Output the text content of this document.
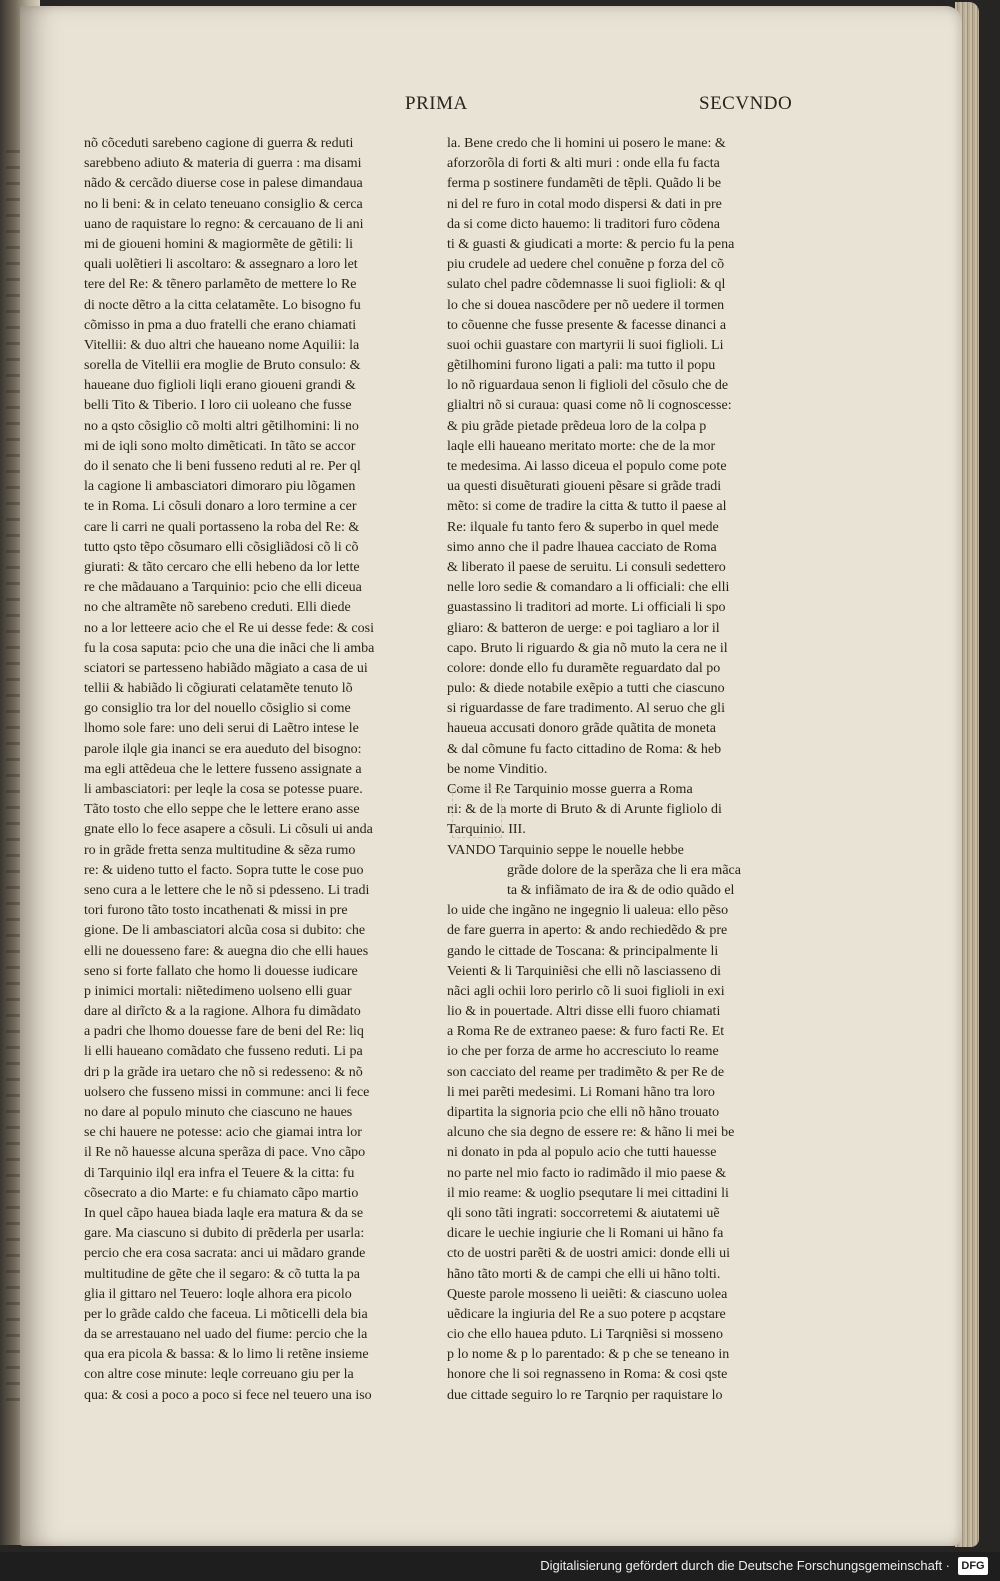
PRIMA	SECVNDO
nõ cõceduti sarebeno cagione di guerra & reduti
sarebbeno adiuto & materia di guerra : ma disami
nãdo & cercãdo diuerse cose in palese dimandaua
no li beni: & in celato teneuano consiglio & cerca
uano de raquistare lo regno: & cercauano de li ani
mi de giouenі homini & magiormẽte de gẽtili: li
quali uolẽtieri li ascoltaro: & assegnaro a loro let
tere del Re: & tẽnero parlamẽto de mettere lo Re
di nocte dẽtro a la citta celatamẽte. Lo bisogno fu
cõmisso in pma a duo fratelli che erano chiamati
Vitellii: & duo altri che haueano nome Aquilii: la
sorella de Vitellii era moglie de Bruto consulo: &
haueane duo figlioli liqli erano giouenі grandi &
belli Tito & Tiberio. I loro cii uoleano che fusse
no a qsto cõsiglio cõ molti altri gẽtilhomini: li no
mi de iqli sono molto dimẽticati. In tãto se accor
do il senato che li beni fusseno reduti al re. Per ql
la cagione li ambasciatori dimoraro piu lõgamen
te in Roma. Li cõsuli donaro a loro termine a cer
care li carri ne quali portasseno la roba del Re: &
tutto qsto tẽpo cõsumaro elli cõsigliãdosi cõ li cõ
giurati: & tãto cercaro che elli hebeno da lor lette
re che mãdauano a Tarquinio: pcio che elli diceua
no che altramẽte nõ sarebeno creduti. Elli diede
no a lor letteere acio che el Re ui desse fede: & cosi
fu la cosa saputa: pcio che una die inãci che li amba
sciatori se partesseno habiãdo mãgiato a casa de ui
tellii & habiãdo li cõgiurati celatamẽte tenuto lõ
go consiglio tra lor del nouello cõsiglio si come
lhomo sole fare: uno deli serui di Laẽtro intese le
parole ilqle gia inanci se era aueduto del bisogno:
ma egli attẽdeua che le lettere fusseno assignate a
li ambasciatori: per leqle la cosa se potesse puare.
Tãto tosto che ello seppe che le lettere erano asse
gnate ello lo fece asapere a cõsuli. Li cõsuli ui anda
ro in grãde fretta senza multitudine & sẽza rumo
re: & uideno tutto el facto. Sopra tutte le cose puo
seno cura a le lettere che le nõ si pdesseno. Li tradi
tori furono tãto tosto incathenati & missi in pre
gione. De li ambasciatori alcũa cosa si dubito: che
elli ne douesseno fare: & auegna dio che elli haues
seno si forte fallato che homo li douesse iudicare
p inimici mortali: niẽtedimeno uolseno elli guar
dare al dirĩcto & a la ragione. Alhora fu dimãdato
a padri che lhomo douesse fare de beni del Re: liq
li elli haueano comãdato che fusseno reduti. Li pa
dri p la grãde ira uetaro che nõ si redesseno: & nõ
uolsero che fusseno missi in commune: anci li fece
no dare al populo minuto che ciascuno ne haues
se chi hauere ne potesse: acio che giamai intra lor
il Re nõ hauesse alcuna sperãza di pace. Vno cãpo
di Tarquinio ilql era infra el Teuere & la citta: fu
cõsecrato a dio Marte: e fu chiamato cãpo martio
In quel cãpo hauea biada laqle era matura & da se
gare. Ma ciascuno si dubito di prẽderla per usarla:
percio che era cosa sacrata: anci ui mãdaro grande
multitudine de gẽte che il segaro: & cõ tutta la pa
glia il gittaro nel Teuero: loqle alhora era picolo
per lo grãde caldo che faceua. Li mõticelli dela bia
da se arrestauano nel uado del fiume: percio che la
qua era picola & bassa: & lo limo li retẽne insieme
con altre cose minute: leqle correuano giu per la
qua: & cosi a poco a poco si fece nel teuero una iso
la. Bene credo che li homini ui posero le mane: &
aforzorõla di forti & alti muri : onde ella fu facta
ferma p sostinere fundamẽti de tẽpli. Quãdo li be
ni del re furo in cotal modo dispersi & dati in pre
da si come dicto hauemo: li traditori furo cõdena
ti & guasti & giudicati a morte: & percio fu la pena
piu crudele ad uedere chel conuẽne p forza del cõ
sulato chel padre cõdemnasse li suoi figlioli: & ql
lo che si douea nascõdere per nõ uedere il tormen
to cõuenne che fusse presente & facesse dinanci a
suoi ochii guastare con martyrii li suoi figlioli. Li
gẽtilhomini furono ligati a pali: ma tutto il popu
lo nõ riguardaua senon li figlioli del cõsulo che de
glialtri nõ si curaua: quasi come nõ li cognoscesse:
& piu grãde pietade prẽdeua loro de la colpa p
laqle elli haueano meritato morte: che de la mor
te medesima. Ai lasso diceua el populo come pote
ua questi disuẽturati giouenі pẽsare si grãde tradi
mẽto: si come de tradire la citta & tutto il paese al
Re: ilquale fu tanto fero & superbo in quel mede
simo anno che il padre lhauea cacciato de Roma
& liberato il paese de seruitu. Li consuli sedettero
nelle loro sedie & comandaro a li officiali: che elli
guastassino li traditori ad morte. Li officiali li spo
gliaro: & batteron de uerge: e poi tagliaro a lor il
capo. Bruto li riguardo & gia nõ muto la cera ne il
colore: donde ello fu duramẽte reguardato dal po
pulo: & diede notabile exẽpio a tutti che ciascuno
si riguardasse de fare tradimento. Al seruo che gli
haueua accusati donoro grãde quãtita de moneta
& dal cõmune fu facto cittadino de Roma: & heb
be nome Vinditio.
Come il Re Tarquinio mosse guerra a Roma
ni: & de la morte di Bruto & di Arunte figliolo di
Tarquinio. III.
VANDO Tarquinio seppe le nouelle hebbe
grãde dolore de la sperãza che li era mãca
ta & infiãmato de ira & de odio quãdo el
lo uide che ingãno ne ingegnio li ualeua: ello pẽso
de fare guerra in aperto: & ando rechiedẽdo & pre
gando le cittade de Toscana: & principalmente li
Veienti & li Tarquiniẽsi che elli nõ lasciasseno di
nãci agli ochii loro perirlo cõ li suoi figlioli in exi
lio & in pouertade. Altri disse elli fuoro chiamati
a Roma Re de extraneo paese: & furo facti Re. Et
io che per forza de arme ho accresciuto lo reame
son cacciato del reame per tradimẽto & per Re de
li mei parẽti medesimi. Li Romani hãno tra loro
dipartita la signoria pcio che elli nõ hãno trouato
alcuno che sia degno de essere re: & hãno li mei be
ni donato in pda al populo acio che tutti hauesse
no parte nel mio facto io radimãdo il mio paese &
il mio reame: & uoglio psequtare li mei cittadini li
qli sono tãti ingrati: soccorretemi & aiutatemi uẽ
dicare le uechie ingiurie che li Romani ui hãno fa
cto de uostri parẽti & de uostri amici: donde elli ui
hãno tãto morti & de campi che elli ui hãno tolti.
Queste parole mosseno li ueiẽti: & ciascuno uolea
uẽdicare la ingiuria del Re a suo potere p acqstare
cio che ello hauea pduto. Li Tarqniẽsi si mosseno
p lo nome & p lo parentado: & p che se teneano in
honore che li soi regnasseno in Roma: & cosi qste
due cittade seguiro lo re Tarqnio per raquistare lo
Digitalisierung gefördert durch die Deutsche Forschungsgemeinschaft ·	DFG
